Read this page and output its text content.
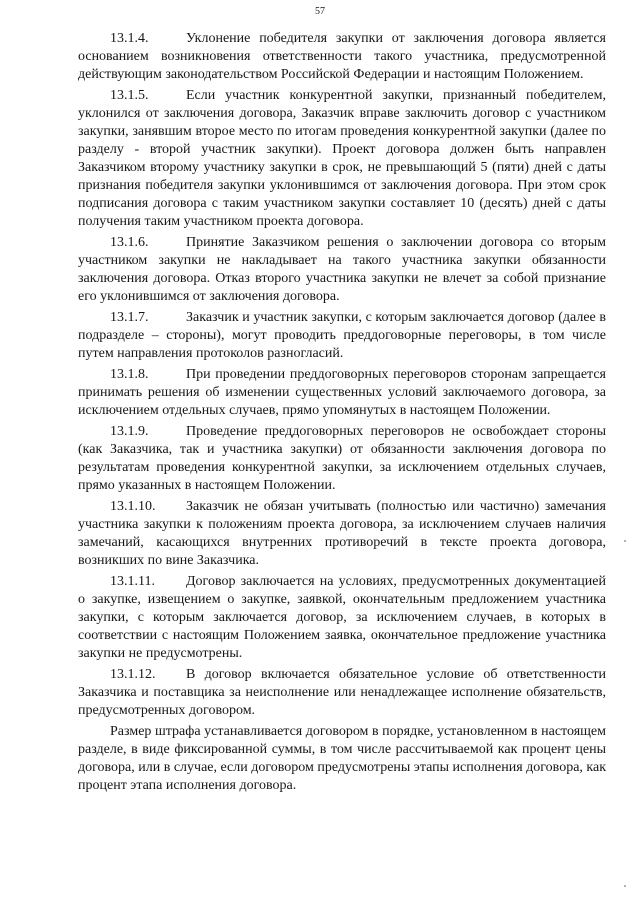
57

13.1.4.	Уклонение победителя закупки от заключения договора является основанием возникновения ответственности такого участника, предусмотренной действующим законодательством Российской Федерации и настоящим Положением.

13.1.5.	Если участник конкурентной закупки, признанный победителем, уклонился от заключения договора, Заказчик вправе заключить договор с участником закупки, занявшим второе место по итогам проведения конкурентной закупки (далее по разделу - второй участник закупки). Проект договора должен быть направлен Заказчиком второму участнику закупки в срок, не превышающий 5 (пяти) дней с даты признания победителя закупки уклонившимся от заключения договора. При этом срок подписания договора с таким участником закупки составляет 10 (десять) дней с даты получения таким участником проекта договора.

13.1.6.	Принятие Заказчиком решения о заключении договора со вторым участником закупки не накладывает на такого участника закупки обязанности заключения договора. Отказ второго участника закупки не влечет за собой признание его уклонившимся от заключения договора.

13.1.7.	Заказчик и участник закупки, с которым заключается договор (далее в подразделе – стороны), могут проводить преддоговорные переговоры, в том числе путем направления протоколов разногласий.

13.1.8.	При проведении преддоговорных переговоров сторонам запрещается принимать решения об изменении существенных условий заключаемого договора, за исключением отдельных случаев, прямо упомянутых в настоящем Положении.

13.1.9.	Проведение преддоговорных переговоров не освобождает стороны (как Заказчика, так и участника закупки) от обязанности заключения договора по результатам проведения конкурентной закупки, за исключением отдельных случаев, прямо указанных в настоящем Положении.

13.1.10. Заказчик не обязан учитывать (полностью или частично) замечания участника закупки к положениям проекта договора, за исключением случаев наличия замечаний, касающихся внутренних противоречий в тексте проекта договора, возникших по вине Заказчика.

13.1.11. Договор заключается на условиях, предусмотренных документацией о закупке, извещением о закупке, заявкой, окончательным предложением участника закупки, с которым заключается договор, за исключением случаев, в которых в соответствии с настоящим Положением заявка, окончательное предложение участника закупки не предусмотрены.

13.1.12. В договор включается обязательное условие об ответственности Заказчика и поставщика за неисполнение или ненадлежащее исполнение обязательств, предусмотренных договором.

Размер штрафа устанавливается договором в порядке, установленном в настоящем разделе, в виде фиксированной суммы, в том числе рассчитываемой как процент цены договора, или в случае, если договором предусмотрены этапы исполнения договора, как процент этапа исполнения договора.
